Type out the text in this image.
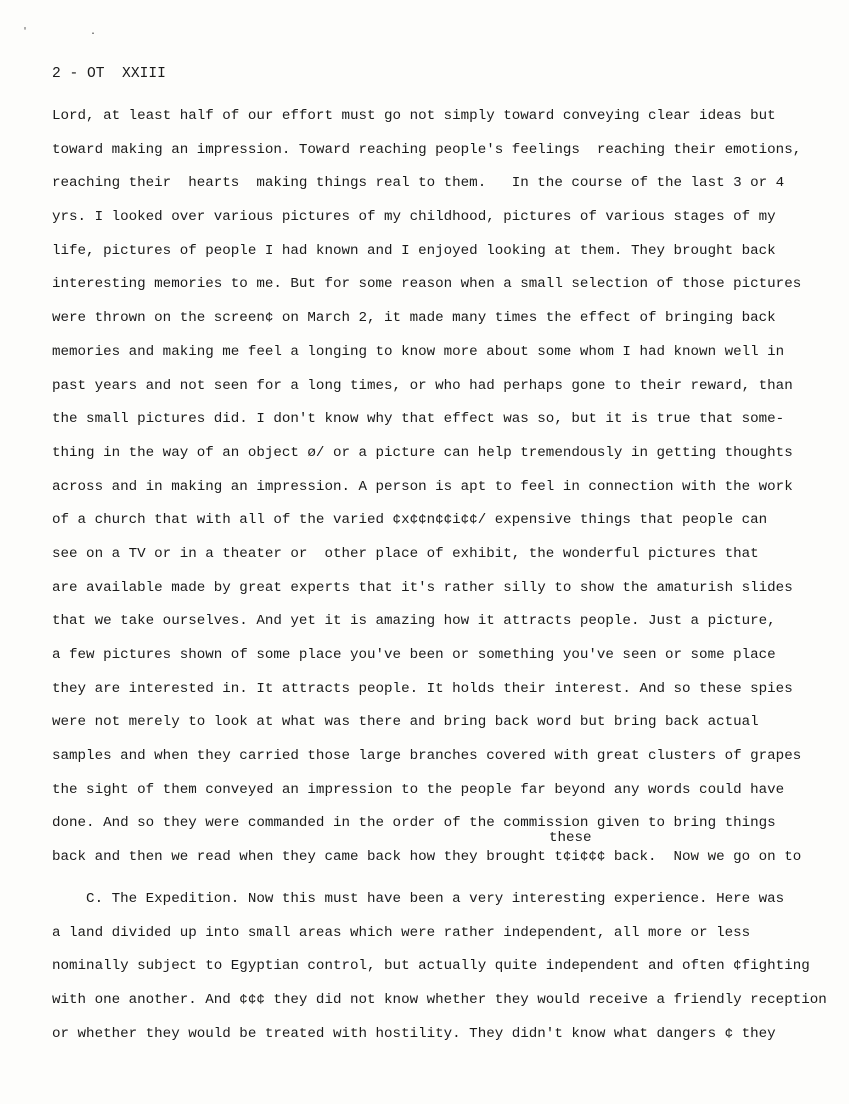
' .
2 - OT  XXIII
these
Lord, at least half of our effort must go not simply toward conveying clear ideas but
toward making an impression. Toward reaching people's feelings  reaching their emotions,
reaching their  hearts  making things real to them.   In the course of the last 3 or 4
yrs. I looked over various pictures of my childhood, pictures of various stages of my
life, pictures of people I had known and I enjoyed looking at them. They brought back
interesting memories to me. But for some reason when a small selection of those pictures
were thrown on the screen¢ on March 2, it made many times the effect of bringing back
memories and making me feel a longing to know more about some whom I had known well in
past years and not seen for a long times, or who had perhaps gone to their reward, than
the small pictures did. I don't know why that effect was so, but it is true that some-
thing in the way of an object ø/ or a picture can help tremendously in getting thoughts
across and in making an impression. A person is apt to feel in connection with the work
of a church that with all of the varied ¢x¢¢n¢¢i¢¢/ expensive things that people can
see on a TV or in a theater or  other place of exhibit, the wonderful pictures that
are available made by great experts that it's rather silly to show the amaturish slides
that we take ourselves. And yet it is amazing how it attracts people. Just a picture,
a few pictures shown of some place you've been or something you've seen or some place
they are interested in. It attracts people. It holds their interest. And so these spies
were not merely to look at what was there and bring back word but bring back actual
samples and when they carried those large branches covered with great clusters of grapes
the sight of them conveyed an impression to the people far beyond any words could have
done. And so they were commanded in the order of the commission given to bring things
back and then we read when they came back how they brought t¢i¢¢¢ back.  Now we go on to
C. The Expedition. Now this must have been a very interesting experience. Here was
a land divided up into small areas which were rather independent, all more or less
nominally subject to Egyptian control, but actually quite independent and often ¢fighting
with one another. And ¢¢¢ they did not know whether they would receive a friendly reception
or whether they would be treated with hostility. They didn't know what dangers ¢ they
